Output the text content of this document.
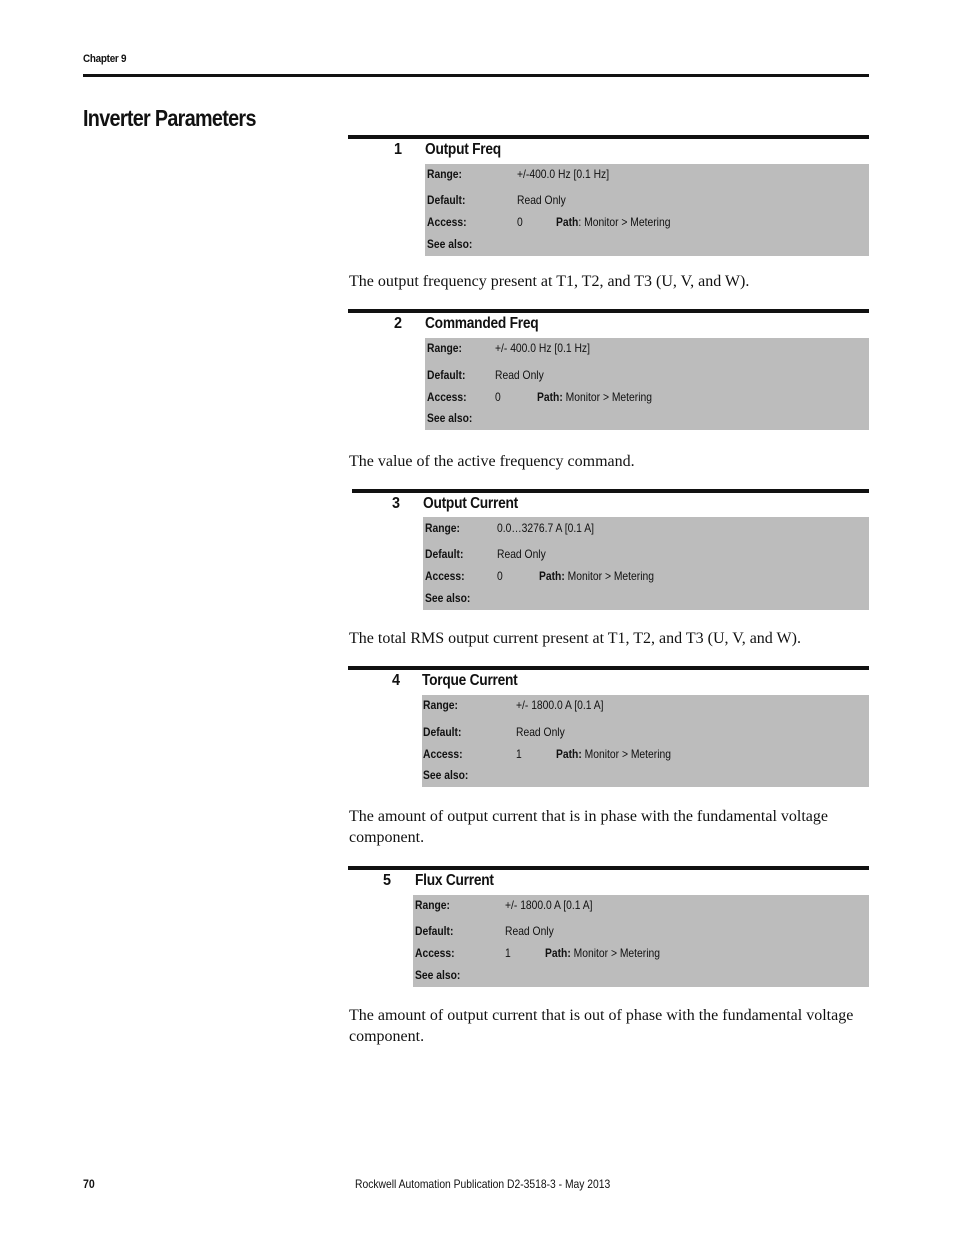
Chapter 9
Inverter Parameters
1 Output Freq
Range:	+/-400.0 Hz [0.1 Hz]
Default:	Read Only
Access:	0	Path: Monitor > Metering
See also:
The output frequency present at T1, T2, and T3 (U, V, and W).
2 Commanded Freq
Range:	+/- 400.0 Hz [0.1 Hz]
Default: Read Only
Access: 0	Path: Monitor > Metering
See also:
The value of the active frequency command.
3 Output Current
Range:	0.0…3276.7 A [0.1 A]
Default:	Read Only
Access:	0	Path: Monitor > Metering
See also:
The total RMS output current present at T1, T2, and T3 (U, V, and W).
4 Torque Current
Range:	+/- 1800.0 A [0.1 A]
Default:	Read Only
Access:	1	Path: Monitor > Metering
See also:
The amount of output current that is in phase with the fundamental voltage component.
5 Flux Current
Range:	+/- 1800.0 A [0.1 A]
Default:	Read Only
Access:	1	Path: Monitor > Metering
See also:
The amount of output current that is out of phase with the fundamental voltage component.
70	Rockwell Automation Publication D2-3518-3 - May 2013
